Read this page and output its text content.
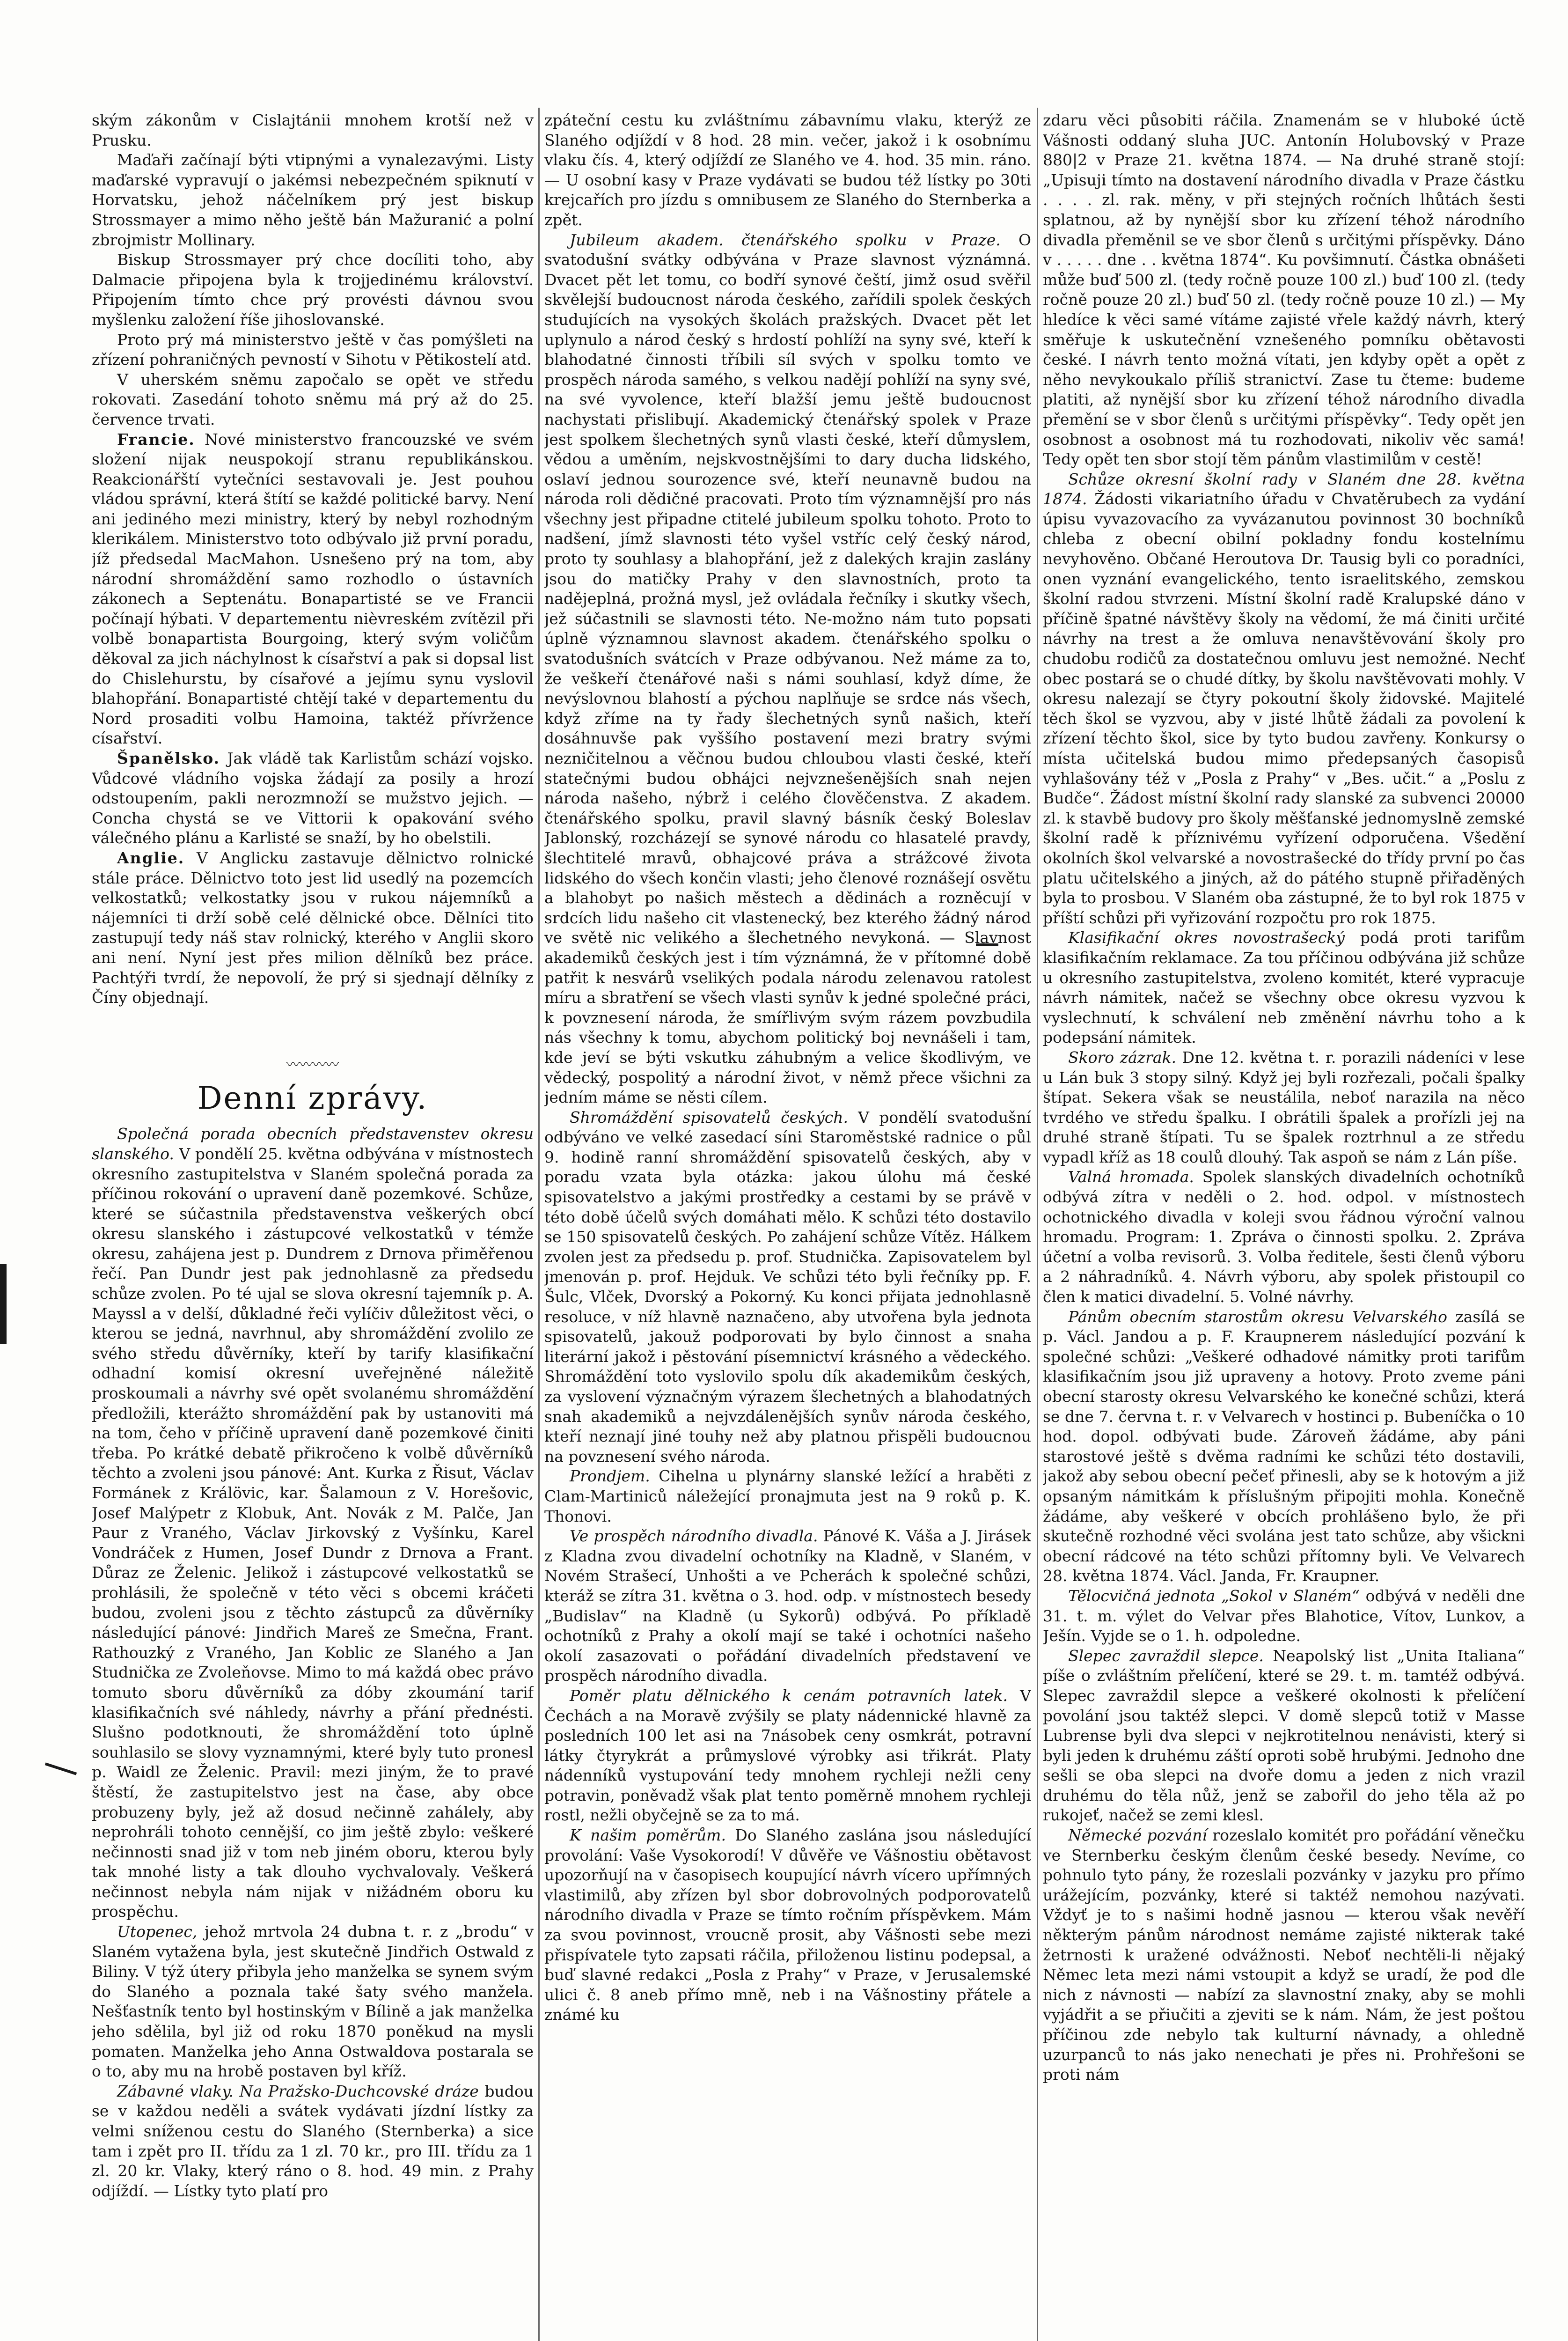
ským zákonům v Cislajtánii mnohem krotší než v Prusku.

Maďaři začínají býti vtipnými a vynalezavými. Listy maďarské vypravují o jakémsi nebezpečném spiknutí v Horvatsku, jehož náčelníkem prý jest biskup Strossmayer a mimo něho ještě bán Mažuranić a polní zbrojmistr Mollinary.

Biskup Strossmayer prý chce docíliti toho, aby Dalmacie připojena byla k trojjedinému království. Připojením tímto chce prý provésti dávnou svou myšlenku založení říše jihoslovanské.

Proto prý má ministerstvo ještě v čas pomýšleti na zřízení pohraničných pevností v Sihotu v Pětikostelí atd.

V uherském sněmu započalo se opět ve středu rokovati. Zasedání tohoto sněmu má prý až do 25. července trvati.

Francie. Nové ministerstvo francouzské ve svém složení nijak neuspokojí stranu republikánskou. Reakcionářští vytečníci sestavovali je. Jest pouhou vládou správní, která štítí se každé politické barvy. Není ani jediného mezi ministry, který by nebyl rozhodným klerikálem. Ministerstvo toto odbývalo již první poradu, jíž předsedal MacMahon. Usnešeno prý na tom, aby národní shromáždění samo rozhodlo o ústavních zákonech a Septenátu. Bonapartisté se ve Francii počínají hýbati. V departementu nièvreském zvítězil při volbě bonapartista Bourgoing, který svým voličům děkoval za jich náchylnost k císařství a pak si dopsal list do Chislehurstu, by císařové a jejímu synu vyslovil blahopřání. Bonapartisté chtějí také v departementu du Nord prosaditi volbu Hamoina, taktéž přívržence císařství.

Španělsko. Jak vládě tak Karlistům schází vojsko. Vůdcové vládního vojska žádají za posily a hrozí odstoupením, pakli nerozmnoží se mužstvo jejich. — Concha chystá se ve Vittorii k opakování svého válečného plánu a Karlisté se snaží, by ho obelstili.

Anglie. V Anglicku zastavuje dělnictvo rolnické stále práce. Dělnictvo toto jest lid usedlý na pozemcích velkostatků; velkostatky jsou v rukou nájemníků a nájemníci ti drží sobě celé dělnické obce. Dělníci tito zastupují tedy náš stav rolnický, kterého v Anglii skoro ani není. Nyní jest přes milion dělníků bez práce. Pachtýři tvrdí, že nepovolí, že prý si sjednají dělníky z Číny objednají.

〰〰〰〰
Denní zprávy.

Společná porada obecních představenstev okresu slanského. V pondělí 25. května odbývána v místnostech okresního zastupitelstva v Slaném společná porada za příčinou rokování o upravení daně pozemkové. Schůze, které se súčastnila představenstva veškerých obcí okresu slanského i zástupcové velkostatků v témže okresu, zahájena jest p. Dundrem z Drnova přiměřenou řečí. Pan Dundr jest pak jednohlasně za předsedu schůze zvolen. Po té ujal se slova okresní tajemník p. A. Mayssl a v delší, důkladné řeči vylíčiv důležitost věci, o kterou se jedná, navrhnul, aby shromáždění zvolilo ze svého středu důvěrníky, kteří by tarify klasifikační odhadní komisí okresní uveřejněné náležitě proskoumali a návrhy své opět svolanému shromáždění předložili, kterážto shromáždění pak by ustanoviti má na tom, čeho v příčině upravení daně pozemkové činiti třeba. Po krátké debatě přikročeno k volbě důvěrníků těchto a zvoleni jsou pánové: Ant. Kurka z Řisut, Václav Formánek z Králövic, kar. Šalamoun z V. Horešovic, Josef Malýpetr z Klobuk, Ant. Novák z M. Palče, Jan Paur z Vraného, Václav Jirkovský z Vyšínku, Karel Vondráček z Humen, Josef Dundr z Drnova a Frant. Důraz ze Želenic. Jelikož i zástupcové velkostatků se prohlásili, že společně v této věci s obcemi kráčeti budou, zvoleni jsou z těchto zástupců za důvěrníky následující pánové: Jindřich Mareš ze Smečna, Frant. Rathouzký z Vraného, Jan Koblic ze Slaného a Jan Studnička ze Zvoleňovse. Mimo to má každá obec právo tomuto sboru důvěrníků za dóby zkoumání tarif klasifikačních své náhledy, návrhy a přání přednésti. Slušno podotknouti, že shromáždění toto úplně souhlasilo se slovy vyznamnými, které byly tuto pronesl p. Waidl ze Želenic. Pravil: mezi jiným, že to pravé štěstí, že zastupitelstvo jest na čase, aby obce probuzeny byly, jež až dosud nečinně zahálely, aby neprohráli tohoto cennější, co jim ještě zbylo: veškeré nečinnosti snad již v tom neb jiném oboru, kterou byly tak mnohé listy a tak dlouho vychvalovaly. Veškerá nečinnost nebyla nám nijak v nižádném oboru ku prospěchu.

Utopenec, jehož mrtvola 24 dubna t. r. z „brodu“ v Slaném vytažena byla, jest skutečně Jindřich Ostwald z Biliny. V týž útery přibyla jeho manželka se synem svým do Slaného a poznala také šaty svého manžela. Nešťastník tento byl hostinským v Bílině a jak manželka jeho sdělila, byl již od roku 1870 poněkud na mysli pomaten. Manželka jeho Anna Ostwaldova postarala se o to, aby mu na hrobě postaven byl kříž.

Zábavné vlaky. Na Pražsko-Duchcovské dráze budou se v každou neděli a svátek vydávati jízdní lístky za velmi sníženou cestu do Slaného (Sternberka) a sice tam i zpět pro II. třídu za 1 zl. 70 kr., pro III. třídu za 1 zl. 20 kr. Vlaky, který ráno o 8. hod. 49 min. z Prahy odjíždí. — Lístky tyto platí pro

zpáteční cestu ku zvláštnímu zábavnímu vlaku, kterýž ze Slaného odjíždí v 8 hod. 28 min. večer, jakož i k osobnímu vlaku čís. 4, který odjíždí ze Slaného ve 4. hod. 35 min. ráno. — U osobní kasy v Praze vydávati se budou též lístky po 30ti krejcařích pro jízdu s omnibusem ze Slaného do Sternberka a zpět.

Jubileum akadem. čtenářského spolku v Praze. O svatodušní svátky odbývána v Praze slavnost význámná. Dvacet pět let tomu, co bodří synové čeští, jimž osud svěřil skvělejší budoucnost národa českého, zařídili spolek českých studujících na vysokých školách pražských. Dvacet pět let uplynulo a národ český s hrdostí pohlíží na syny své, kteří k blahodatné činnosti tříbili síl svých v spolku tomto ve prospěch národa samého, s velkou nadějí pohlíží na syny své, na své vyvolence, kteří blažší jemu ještě budoucnost nachystati přislibují. Akademický čtenářský spolek v Praze jest spolkem šlechetných synů vlasti české, kteří důmyslem, vědou a uměním, nejskvostnějšími to dary ducha lidského, oslaví jednou sourozence své, kteří neunavně budou na národa roli dědičné pracovati. Proto tím významnější pro nás všechny jest připadne ctitelé jubileum spolku tohoto. Proto to nadšení, jímž slavnosti této vyšel vstříc celý český národ, proto ty souhlasy a blahopřání, jež z dalekých krajin zaslány jsou do matičky Prahy v den slavnostních, proto ta nadějeplná, prožná mysl, jež ovládala řečníky i skutky všech, jež súčastnili se slavnosti této. Ne-možno nám tuto popsati úplně významnou slavnost akadem. čtenářského spolku o svatodušních svátcích v Praze odbývanou. Než máme za to, že veškeří čtenářové naši s námi souhlasí, když díme, že nevýslovnou blahostí a pýchou naplňuje se srdce nás všech, když zříme na ty řady šlechetných synů našich, kteří dosáhnuvše pak vyššího postavení mezi bratry svými nezničitelnou a věčnou budou chloubou vlasti české, kteří statečnými budou obhájci nejvznešenějších snah nejen národa našeho, nýbrž i celého člověčenstva. Z akadem. čtenářského spolku, pravil slavný básník český Boleslav Jablonský, rozcházejí se synové národu co hlasatelé pravdy, šlechtitelé mravů, obhajcové práva a strážcové života lidského do všech končin vlasti; jeho členové roznášejí osvětu a blahobyt po našich městech a dědinách a rozněcují v srdcích lidu našeho cit vlastenecký, bez kterého žádný národ ve světě nic velikého a šlechetného nevykoná. — Slavnost akademiků českých jest i tím význámná, že v přítomné době patřit k nesvárů vselikých podala národu zelenavou ratolest míru a sbratření se všech vlasti synův k jedné společné práci, k povznesení národa, že smířlivým svým rázem povzbudila nás všechny k tomu, abychom politický boj nevnášeli i tam, kde jeví se býti vskutku záhubným a velice škodlivým, ve vědecký, pospolitý a národní život, v němž přece všichni za jedním máme se něsti cílem.

Shromáždění spisovatelů českých. V pondělí svatodušní odbýváno ve velké zasedací síni Staroměstské radnice o půl 9. hodině ranní shromáždění spisovatelů českých, aby v poradu vzata byla otázka: jakou úlohu má české spisovatelstvo a jakými prostředky a cestami by se právě v této době účelů svých domáhati mělo. K schůzi této dostavilo se 150 spisovatelů českých. Po zahájení schůze Vítěz. Hálkem zvolen jest za předsedu p. prof. Studnička. Zapisovatelem byl jmenován p. prof. Hejduk. Ve schůzi této byli řečníky pp. F. Šulc, Vlček, Dvorský a Pokorný. Ku konci přijata jednohlasně resoluce, v níž hlavně naznačeno, aby utvořena byla jednota spisovatelů, jakouž podporovati by bylo činnost a snaha literární jakož i pěstování písemnictví krásného a vědeckého. Shromáždění toto vyslovilo spolu dík akademikům českých, za vyslovení význačným výrazem šlechetných a blahodatných snah akademiků a nejvzdálenějších synův národa českého, kteří neznají jiné touhy než aby platnou přispěli budoucnou na povznesení svého národa.

Prondjem. Cihelna u plynárny slanské ležící a hraběti z Clam-Martiniců náležející pronajmuta jest na 9 roků p. K. Thonovi.

Ve prospěch národního divadla. Pánové K. Váša a J. Jirásek z Kladna zvou divadelní ochotníky na Kladně, v Slaném, v Novém Strašecí, Unhošti a ve Pcherách k společné schůzi, kteráž se zítra 31. května o 3. hod. odp. v místnostech besedy „Budislav“ na Kladně (u Sykorů) odbývá. Po příkladě ochotníků z Prahy a okolí mají se také i ochotníci našeho okolí zasazovati o pořádání divadelních představení ve prospěch národního divadla.

Poměr platu dělnického k cenám potravních latek. V Čechách a na Moravě zvýšily se platy nádennické hlavně za posledních 100 let asi na 7násobek ceny osmkrát, potravní látky čtyrykrát a průmyslové výrobky asi třikrát. Platy nádenníků vystupování tedy mnohem rychleji nežli ceny potravin, poněvadž však plat tento poměrně mnohem rychleji rostl, nežli obyčejně se za to má.

K našim poměrům. Do Slaného zaslána jsou následující provolání: Vaše Vysokorodí! V důvěře ve Vášnostiu obětavost upozorňují na v časopisech koupující návrh vícero upřímných vlastimilů, aby zřízen byl sbor dobrovolných podporovatelů národního divadla v Praze se tímto ročním příspěvkem. Mám za svou povinnost, vroucně prosit, aby Vášnosti sebe mezi přispívatele tyto zapsati ráčila, přiloženou listinu podepsal, a buď slavné redakci „Posla z Prahy“ v Praze, v Jerusalemské ulici č. 8 aneb přímo mně, neb i na Vášnostiny přátele a známé ku

zdaru věci působiti ráčila. Znamenám se v hluboké úctě Vášnosti oddaný sluha JUC. Antonín Holubovský v Praze 880|2 v Praze 21. května 1874. — Na druhé straně stojí: „Upisuji tímto na dostavení národního divadla v Praze částku . . . . zl. rak. měny, v při stejných ročních lhůtách šesti splatnou, až by nynější sbor ku zřízení téhož národního divadla přeměnil se ve sbor členů s určitými příspěvky. Dáno v . . . . . dne . . května 1874“. Ku povšimnutí. Částka obnášeti může buď 500 zl. (tedy ročně pouze 100 zl.) buď 100 zl. (tedy ročně pouze 20 zl.) buď 50 zl. (tedy ročně pouze 10 zl.) — My hledíce k věci samé vítáme zajisté vřele každý návrh, který směřuje k uskutečnění vznešeného pomníku obětavosti české. I návrh tento možná vítati, jen kdyby opět a opět z něho nevykoukalo příliš stranictví. Zase tu čteme: budeme platiti, až nynější sbor ku zřízení téhož národního divadla přemění se v sbor členů s určitými příspěvky“. Tedy opět jen osobnost a osobnost má tu rozhodovati, nikoliv věc samá! Tedy opět ten sbor stojí těm pánům vlastimilům v cestě!

Schůze okresní školní rady v Slaném dne 28. května 1874. Žádosti vikariatního úřadu v Chvatěrubech za vydání úpisu vyvazovacího za vyvázanutou povinnost 30 bochníků chleba z obecní obilní pokladny fondu kostelnímu nevyhověno. Občané Heroutova Dr. Tausig byli co poradníci, onen vyznání evangelického, tento israelitského, zemskou školní radou stvrzeni. Místní školní radě Kralupské dáno v příčině špatné návštěvy školy na vědomí, že má činiti určité návrhy na trest a že omluva nenavštěvování školy pro chudobu rodičů za dostatečnou omluvu jest nemožné. Nechť obec postará se o chudé dítky, by školu navštěvovati mohly. V okresu nalezají se čtyry pokoutní školy židovské. Majitelé těch škol se vyzvou, aby v jisté lhůtě žádali za povolení k zřízení těchto škol, sice by tyto budou zavřeny. Konkursy o místa učitelská budou mimo předepsaných časopisů vyhlašovány též v „Posla z Prahy“ v „Bes. učit.“ a „Poslu z Budče“. Žádost místní školní rady slanské za subvenci 20000 zl. k stavbě budovy pro školy měšťanské jednomyslně zemské školní radě k příznivému vyřízení odporučena. Všedění okolních škol velvarské a novostrašecké do třídy první po čas platu učitelského a jiných, až do pátého stupně přiřaděných byla to prosbou. V Slaném oba zástupné, že to byl rok 1875 v příští schůzi při vyřizování rozpočtu pro rok 1875.

Klasifikační okres novostrašecký podá proti tarifům klasifikačním reklamace. Za tou příčinou odbývána již schůze u okresního zastupitelstva, zvoleno komitét, které vypracuje návrh námitek, načež se všechny obce okresu vyzvou k vyslechnutí, k schválení neb změnění návrhu toho a k podepsání námitek.

Skoro zázrak. Dne 12. května t. r. porazili nádeníci v lese u Lán buk 3 stopy silný. Když jej byli rozřezali, počali špalky štípat. Sekera však se neustálila, neboť narazila na něco tvrdého ve středu špalku. I obrátili špalek a prořízli jej na druhé straně štípati. Tu se špalek roztrhnul a ze středu vypadl kříž as 18 coulů dlouhý. Tak aspoň se nám z Lán píše.

Valná hromada. Spolek slanských divadelních ochotníků odbývá zítra v neděli o 2. hod. odpol. v místnostech ochotnického divadla v koleji svou řádnou výroční valnou hromadu. Program: 1. Zpráva o činnosti spolku. 2. Zpráva účetní a volba revisorů. 3. Volba ředitele, šesti členů výboru a 2 náhradníků. 4. Návrh výboru, aby spolek přistoupil co člen k matici divadelní. 5. Volné návrhy.

Pánům obecním starostům okresu Velvarského zasílá se p. Václ. Jandou a p. F. Kraupnerem následující pozvání k společné schůzi: „Veškeré odhadové námitky proti tarifům klasifikačním jsou již upraveny a hotovy. Proto zveme páni obecní starosty okresu Velvarského ke konečné schůzi, která se dne 7. června t. r. v Velvarech v hostinci p. Bubeníčka o 10 hod. dopol. odbývati bude. Zároveň žádáme, aby páni starostové ještě s dvěma radními ke schůzi této dostavili, jakož aby sebou obecní pečeť přinesli, aby se k hotovým a již opsaným námitkám k příslušným připojiti mohla. Konečně žádáme, aby veškeré v obcích prohlášeno bylo, že při skutečně rozhodné věci svolána jest tato schůze, aby všickni obecní rádcové na této schůzi přítomny byli. Ve Velvarech 28. května 1874. Václ. Janda, Fr. Kraupner.

Tělocvičná jednota „Sokol v Slaném“ odbývá v neděli dne 31. t. m. výlet do Velvar přes Blahotice, Vítov, Lunkov, a Ješín. Vyjde se o 1. h. odpoledne.

Slepec zavraždil slepce. Neapolský list „Unita Italiana“ píše o zvláštním přelíčení, které se 29. t. m. tamtéž odbývá. Slepec zavraždil slepce a veškeré okolnosti k přelíčení povolání jsou taktéž slepci. V domě slepců totiž v Masse Lubrense byli dva slepci v nejkrotitelnou nenávisti, který si byli jeden k druhému záští oproti sobě hrubými. Jednoho dne sešli se oba slepci na dvoře domu a jeden z nich vrazil druhému do těla nůž, jenž se zabořil do jeho těla až po rukojeť, načež se zemi klesl.

Německé pozvání rozeslalo komitét pro pořádání věnečku ve Sternberku českým členům české besedy. Nevíme, co pohnulo tyto pány, že rozeslali pozvánky v jazyku pro přímo urážejícím, pozvánky, které si taktéž nemohou nazývati. Vždyť je to s našimi hodně jasnou — kterou však nevěří některým pánům národnost nemáme zajisté nikterak také žetrnosti k uražené odvážnosti. Neboť nechtěli-li nějaký Němec leta mezi námi vstoupit a když se uradí, že pod dle nich z návnosti — nabízí za slavnostní znaky, aby se mohli vyjádřit a se přiučiti a zjeviti se k nám. Nám, že jest poštou příčinou zde nebylo tak kulturní návnady, a ohledně uzurpanců to nás jako nenechati je přes ni. Prohřešoni se proti nám
